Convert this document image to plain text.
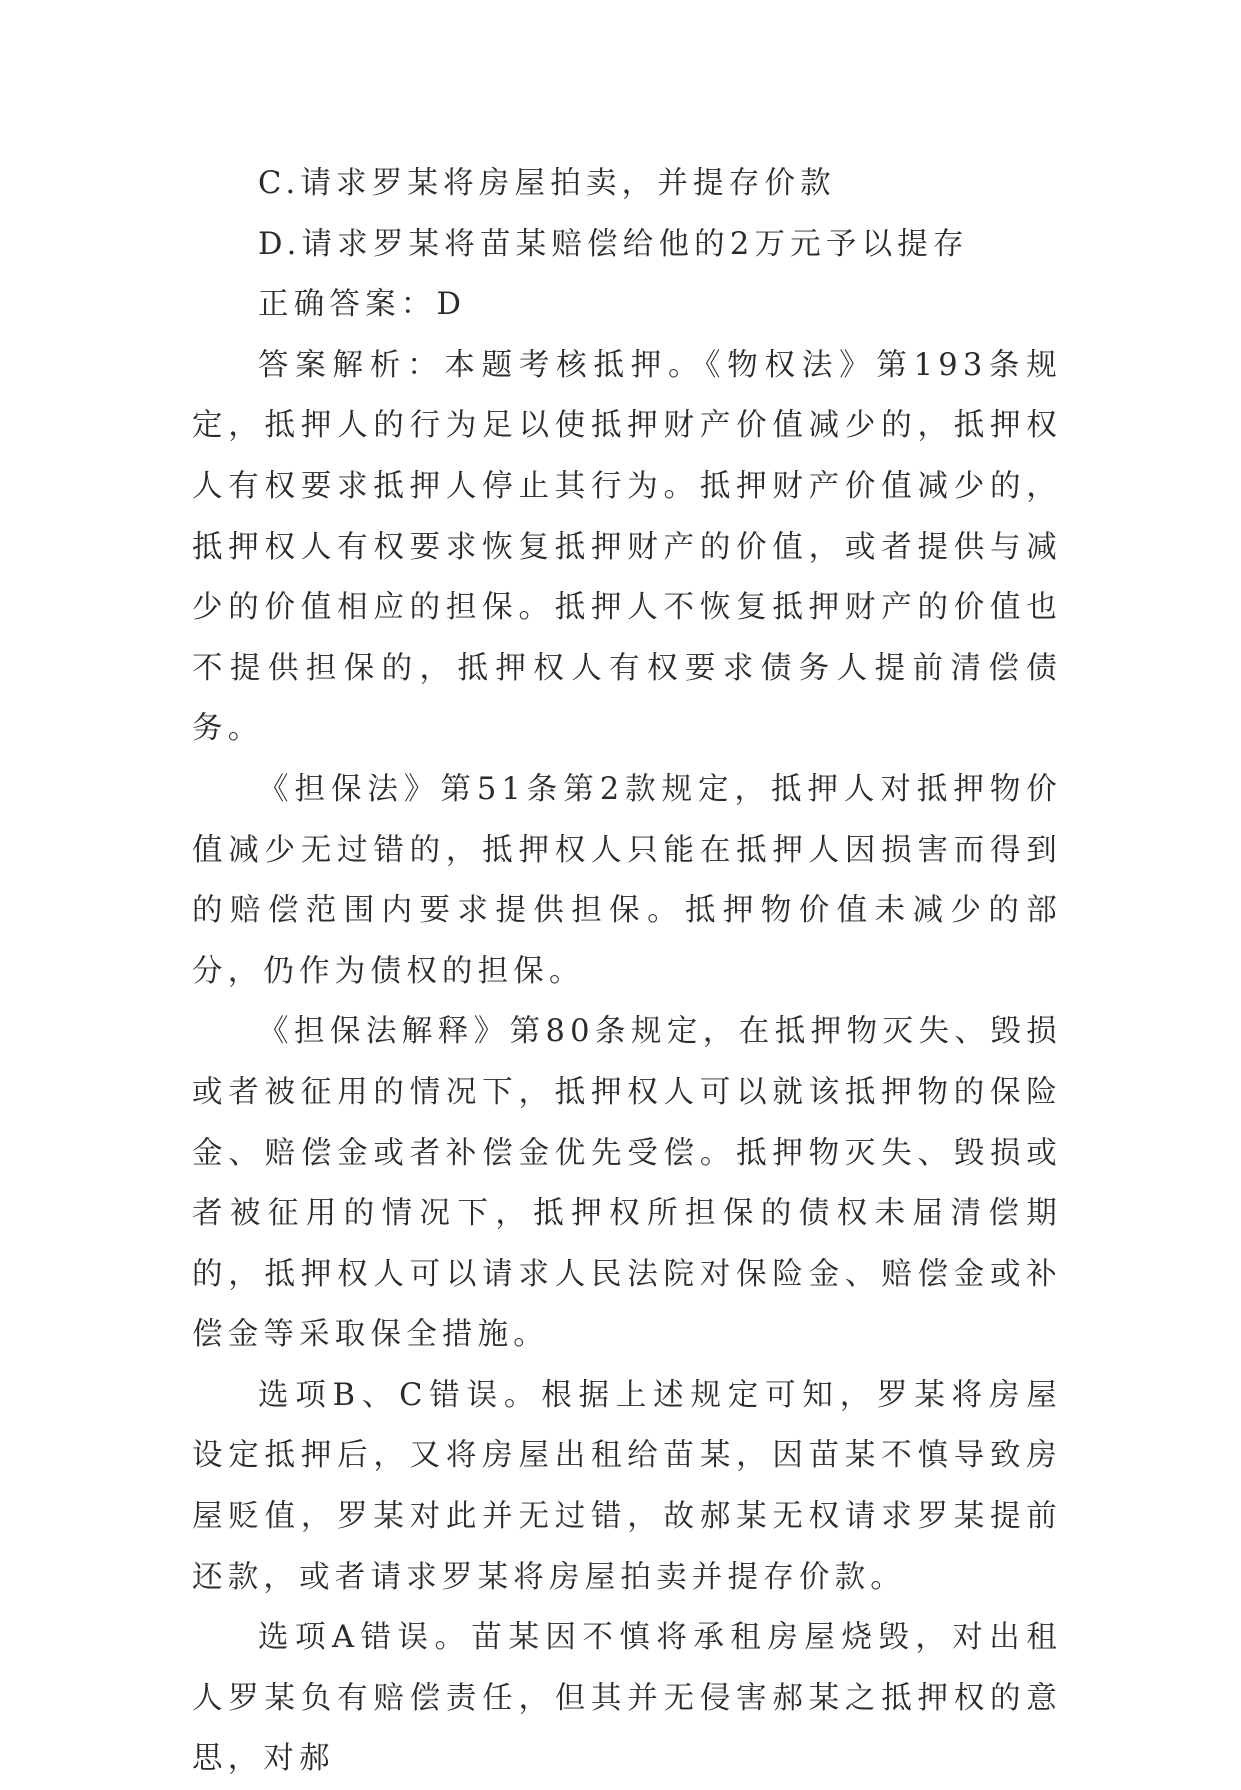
C.请求罗某将房屋拍卖，并提存价款

D.请求罗某将苗某赔偿给他的2万元予以提存

正确答案：D

答案解析：本题考核抵押。《物权法》第193条规定，抵押人的行为足以使抵押财产价值减少的，抵押权人有权要求抵押人停止其行为。抵押财产价值减少的，抵押权人有权要求恢复抵押财产的价值，或者提供与减少的价值相应的担保。抵押人不恢复抵押财产的价值也不提供担保的，抵押权人有权要求债务人提前清偿债务。

《担保法》第51条第2款规定，抵押人对抵押物价值减少无过错的，抵押权人只能在抵押人因损害而得到的赔偿范围内要求提供担保。抵押物价值未减少的部分，仍作为债权的担保。

《担保法解释》第80条规定，在抵押物灭失、毁损或者被征用的情况下，抵押权人可以就该抵押物的保险金、赔偿金或者补偿金优先受偿。抵押物灭失、毁损或者被征用的情况下，抵押权所担保的债权未届清偿期的，抵押权人可以请求人民法院对保险金、赔偿金或补偿金等采取保全措施。

选项B、C错误。根据上述规定可知，罗某将房屋设定抵押后，又将房屋出租给苗某，因苗某不慎导致房屋贬值，罗某对此并无过错，故郝某无权请求罗某提前还款，或者请求罗某将房屋拍卖并提存价款。

选项A错误。苗某因不慎将承租房屋烧毁，对出租人罗某负有赔偿责任，但其并无侵害郝某之抵押权的意思，对郝
